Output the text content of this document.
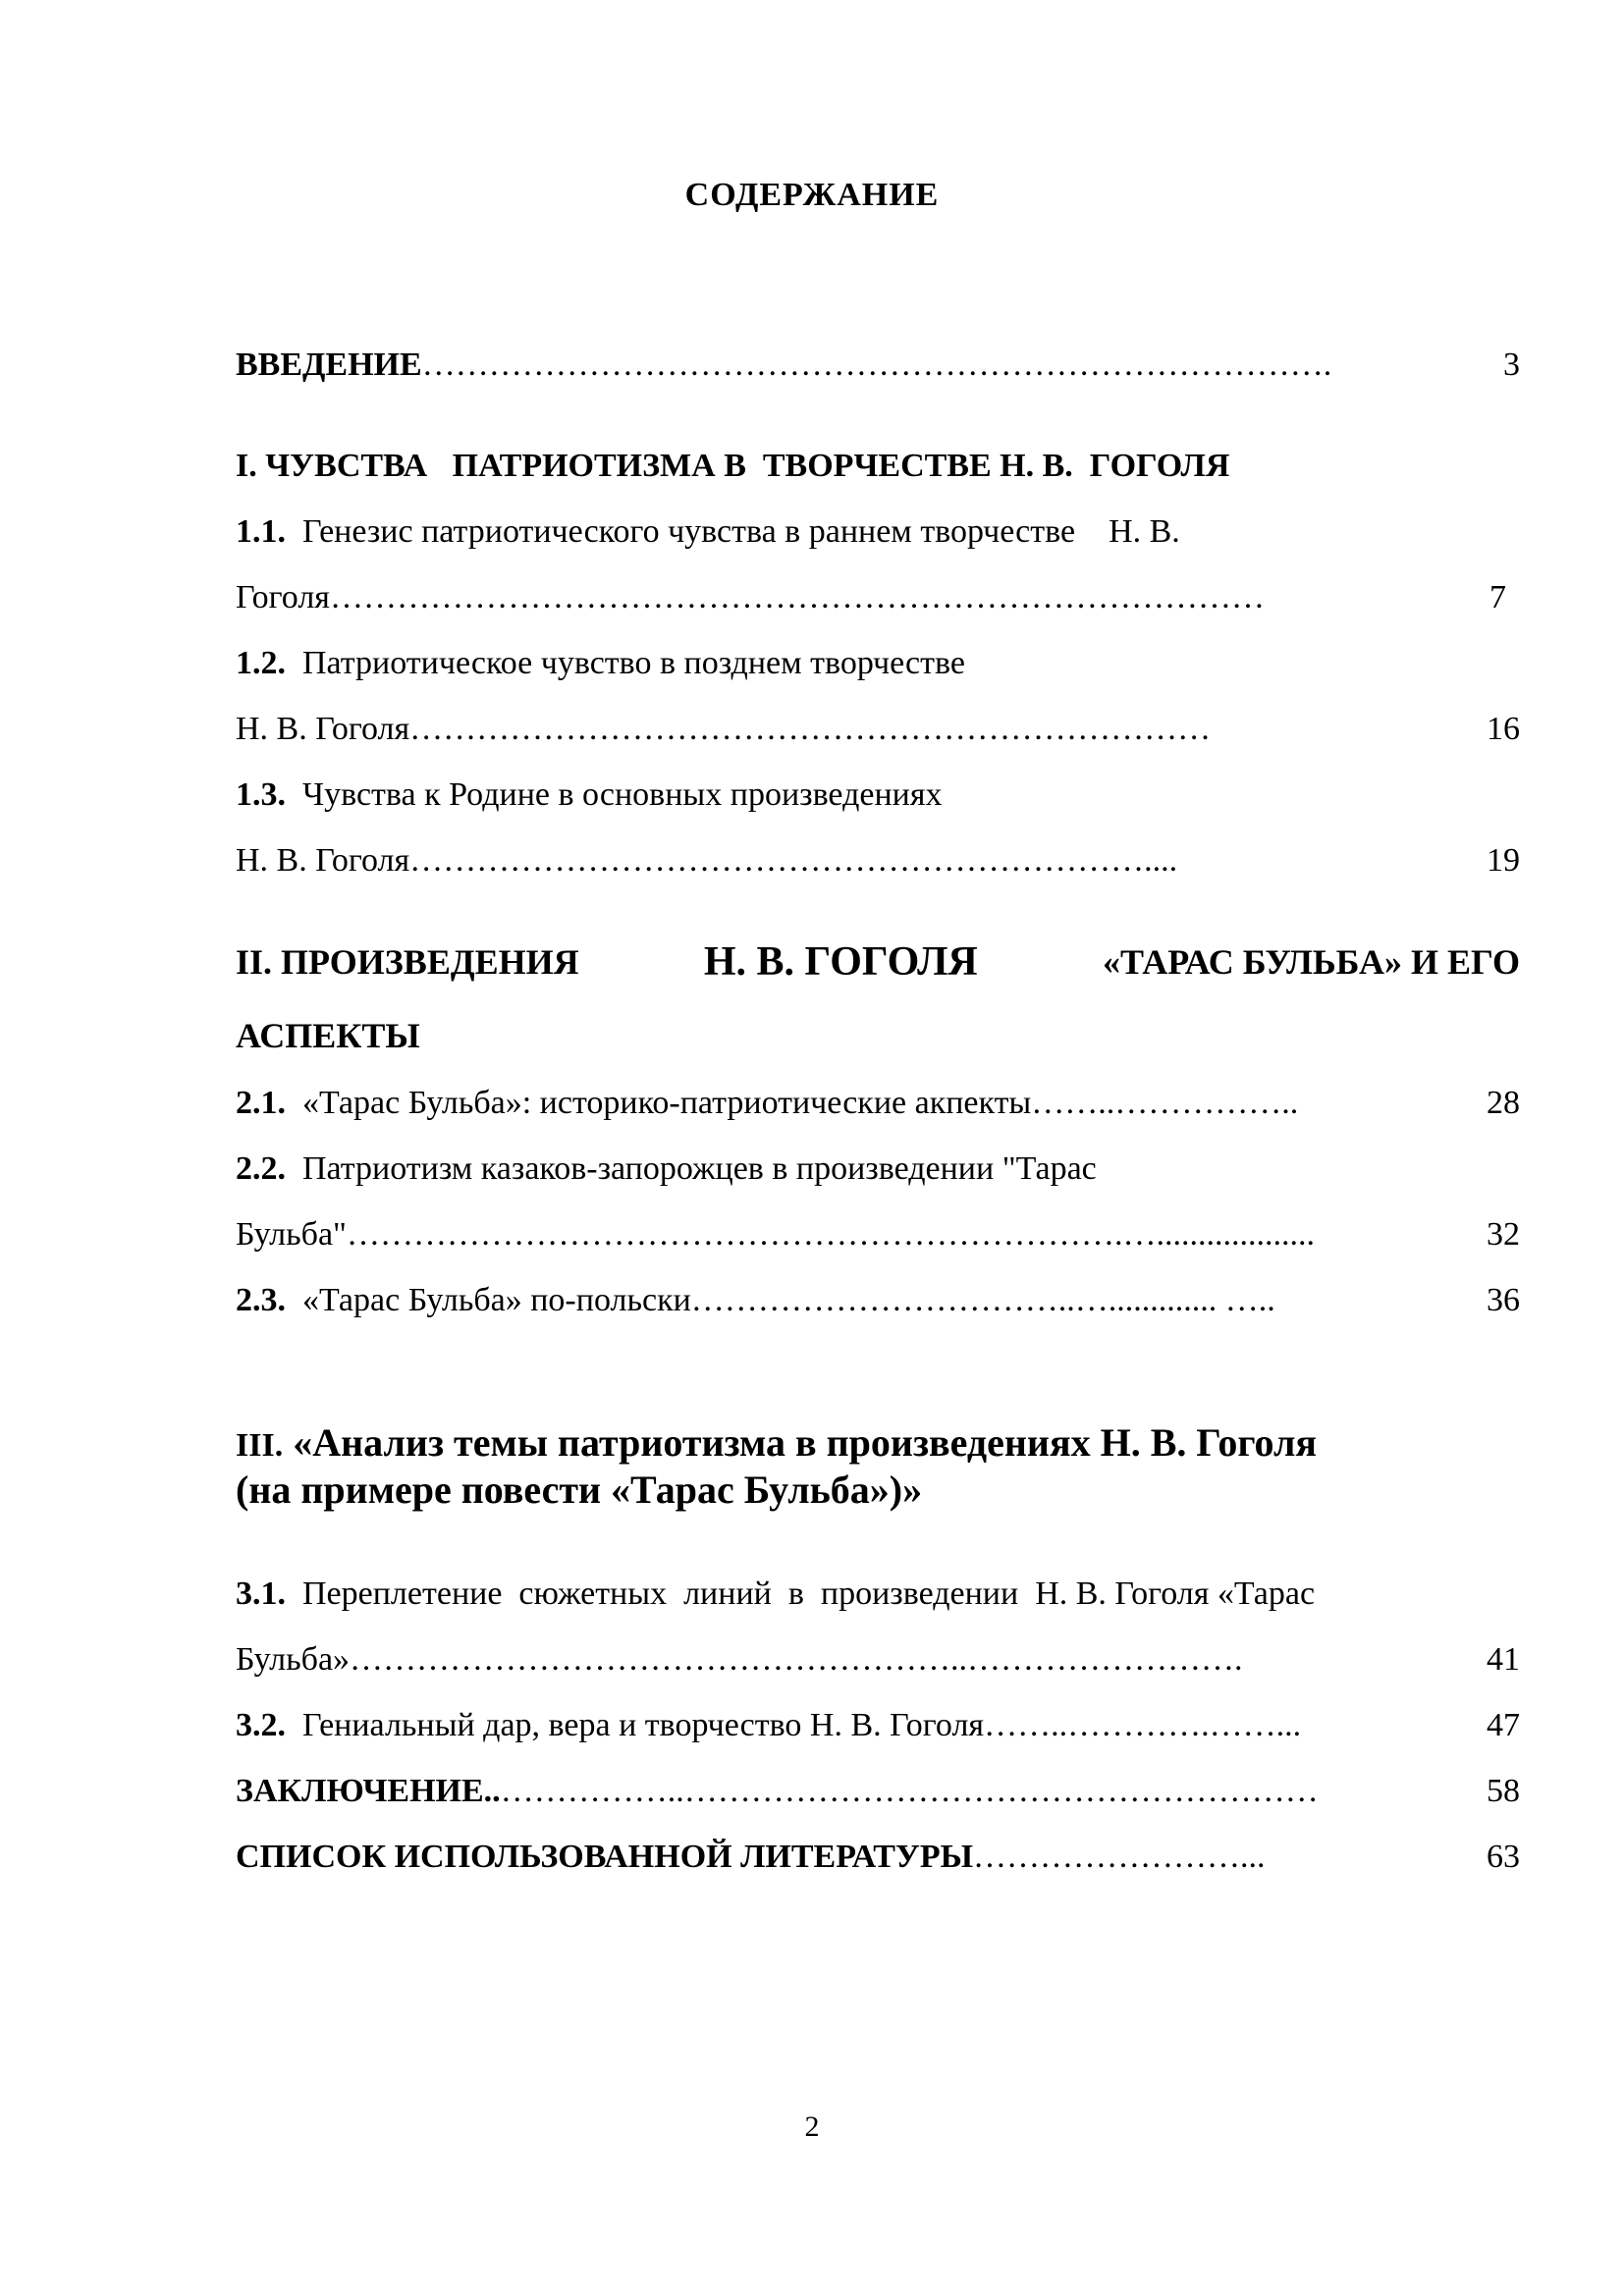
СОДЕРЖАНИЕ
ВВЕДЕНИЕ……………………………………………………………………….	3
I. ЧУВСТВА   ПАТРИОТИЗМА В  ТВОРЧЕСТВЕ Н. В.  ГОГОЛЯ
1.1. Генезис патриотического чувства в раннем творчестве    Н. В.
Гоголя…………………………………………………………………………	7
1.2. Патриотическое чувство в позднем творчестве
Н. В. Гоголя………………………………………………………………	16
1.3. Чувства к Родине в основных произведениях
Н. В. Гоголя…………………………………………………………....	19
II. ПРОИЗВЕДЕНИЯ	Н. В. ГОГОЛЯ	«ТАРАС БУЛЬБА» И ЕГО
АСПЕКТЫ
2.1. «Тарас Бульба»: историко-патриотические акпекты……..……………..	28
2.2. Патриотизм казаков-запорожцев в произведении "Тарас
Бульба"…………………………………………………………….…...................	32
2.3. «Тарас Бульба» по-польски……………………………..…............. …..	36
III. «Анализ темы патриотизма в произведениях Н. В. Гоголя
(на примере повести «Тарас Бульба»)»
3.1. Переплетение  сюжетных  линий  в  произведении  Н. В. Гоголя «Тарас
Бульба»………………………………………………..…………………….	41
3.2. Гениальный дар, вера и творчество Н. В. Гоголя……..………….……...	47
ЗАКЛЮЧЕНИЕ..……………..…………………………………………………	58
СПИСОК ИСПОЛЬЗОВАННОЙ ЛИТЕРАТУРЫ……………………...	63
2
